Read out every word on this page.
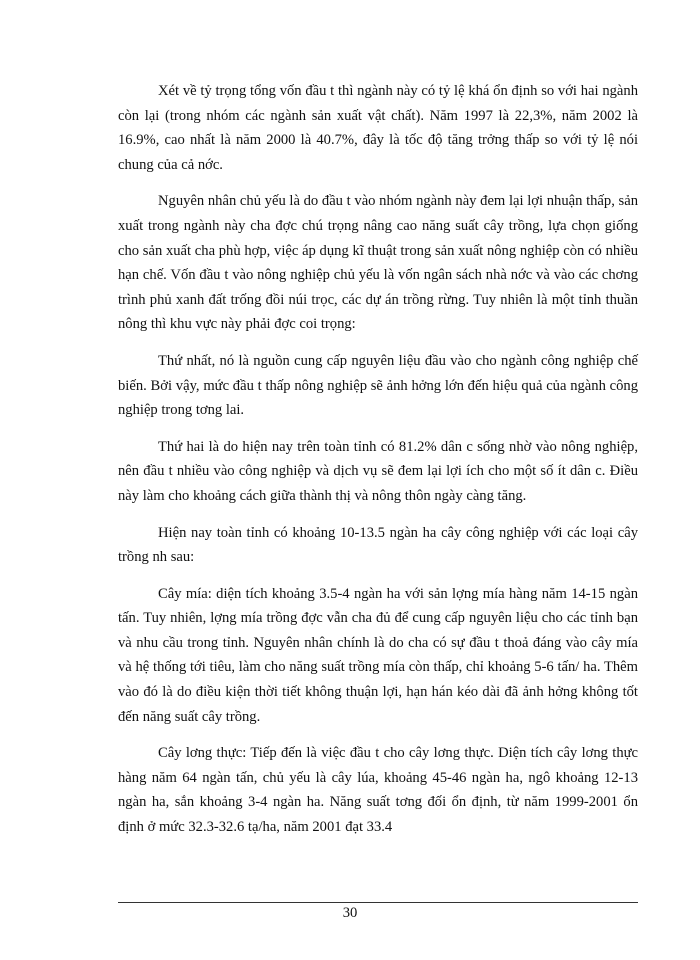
Xét về tỷ trọng tổng vốn đầu t thì ngành này có tỷ lệ khá ổn định so với hai ngành còn lại (trong nhóm các ngành sản xuất vật chất). Năm 1997 là 22,3%, năm 2002 là 16.9%, cao nhất là năm 2000 là 40.7%, đây là tốc độ tăng trởng thấp so với tỷ lệ nói chung của cả nớc.

Nguyên nhân chủ yếu là do đầu t vào nhóm ngành này đem lại lợi nhuận thấp, sản xuất trong ngành này cha đợc chú trọng nâng cao năng suất cây trồng, lựa chọn giống cho sản xuất cha phù hợp, việc áp dụng kĩ thuật trong sản xuất nông nghiệp còn có nhiều hạn chế. Vốn đầu t vào nông nghiệp chủ yếu là vốn ngân sách nhà nớc và vào các chơng trình phủ xanh đất trống đồi núi trọc, các dự án trồng rừng. Tuy nhiên là một tỉnh thuần nông thì khu vực này phải đợc coi trọng:

Thứ nhất, nó là nguồn cung cấp nguyên liệu đầu vào cho ngành công nghiệp chế biến. Bởi vậy, mức đầu t thấp nông nghiệp sẽ ảnh hởng lớn đến hiệu quả của ngành công nghiệp trong tơng lai.

Thứ hai là do hiện nay trên toàn tỉnh có 81.2% dân c sống nhờ vào nông nghiệp, nên đầu t nhiều vào công nghiệp và dịch vụ sẽ đem lại lợi ích cho một số ít dân c. Điều này làm cho khoảng cách giữa thành thị và nông thôn ngày càng tăng.

Hiện nay toàn tỉnh có khoảng 10-13.5 ngàn ha cây công nghiệp với các loại cây trồng nh sau:

Cây mía: diện tích khoảng 3.5-4 ngàn ha với sản lợng mía hàng năm 14-15 ngàn tấn. Tuy nhiên, lợng mía trồng đợc vẫn cha đủ để cung cấp nguyên liệu cho các tỉnh bạn và nhu cầu trong tỉnh. Nguyên nhân chính là do cha có sự đầu t thoả đáng vào cây mía và hệ thống tới tiêu, làm cho năng suất trồng mía còn thấp, chỉ khoảng 5-6 tấn/ ha. Thêm vào đó là do điều kiện thời tiết không thuận lợi, hạn hán kéo dài đã ảnh hởng không tốt đến năng suất cây trồng.

Cây lơng thực: Tiếp đến là việc đầu t cho cây lơng thực. Diện tích cây lơng thực hàng năm 64 ngàn tấn, chủ yếu là cây lúa, khoảng 45-46 ngàn ha, ngô khoảng 12-13 ngàn ha, sắn khoảng 3-4 ngàn ha. Năng suất tơng đối ổn định, từ năm 1999-2001 ổn định ở mức 32.3-32.6 tạ/ha, năm 2001 đạt 33.4

30
